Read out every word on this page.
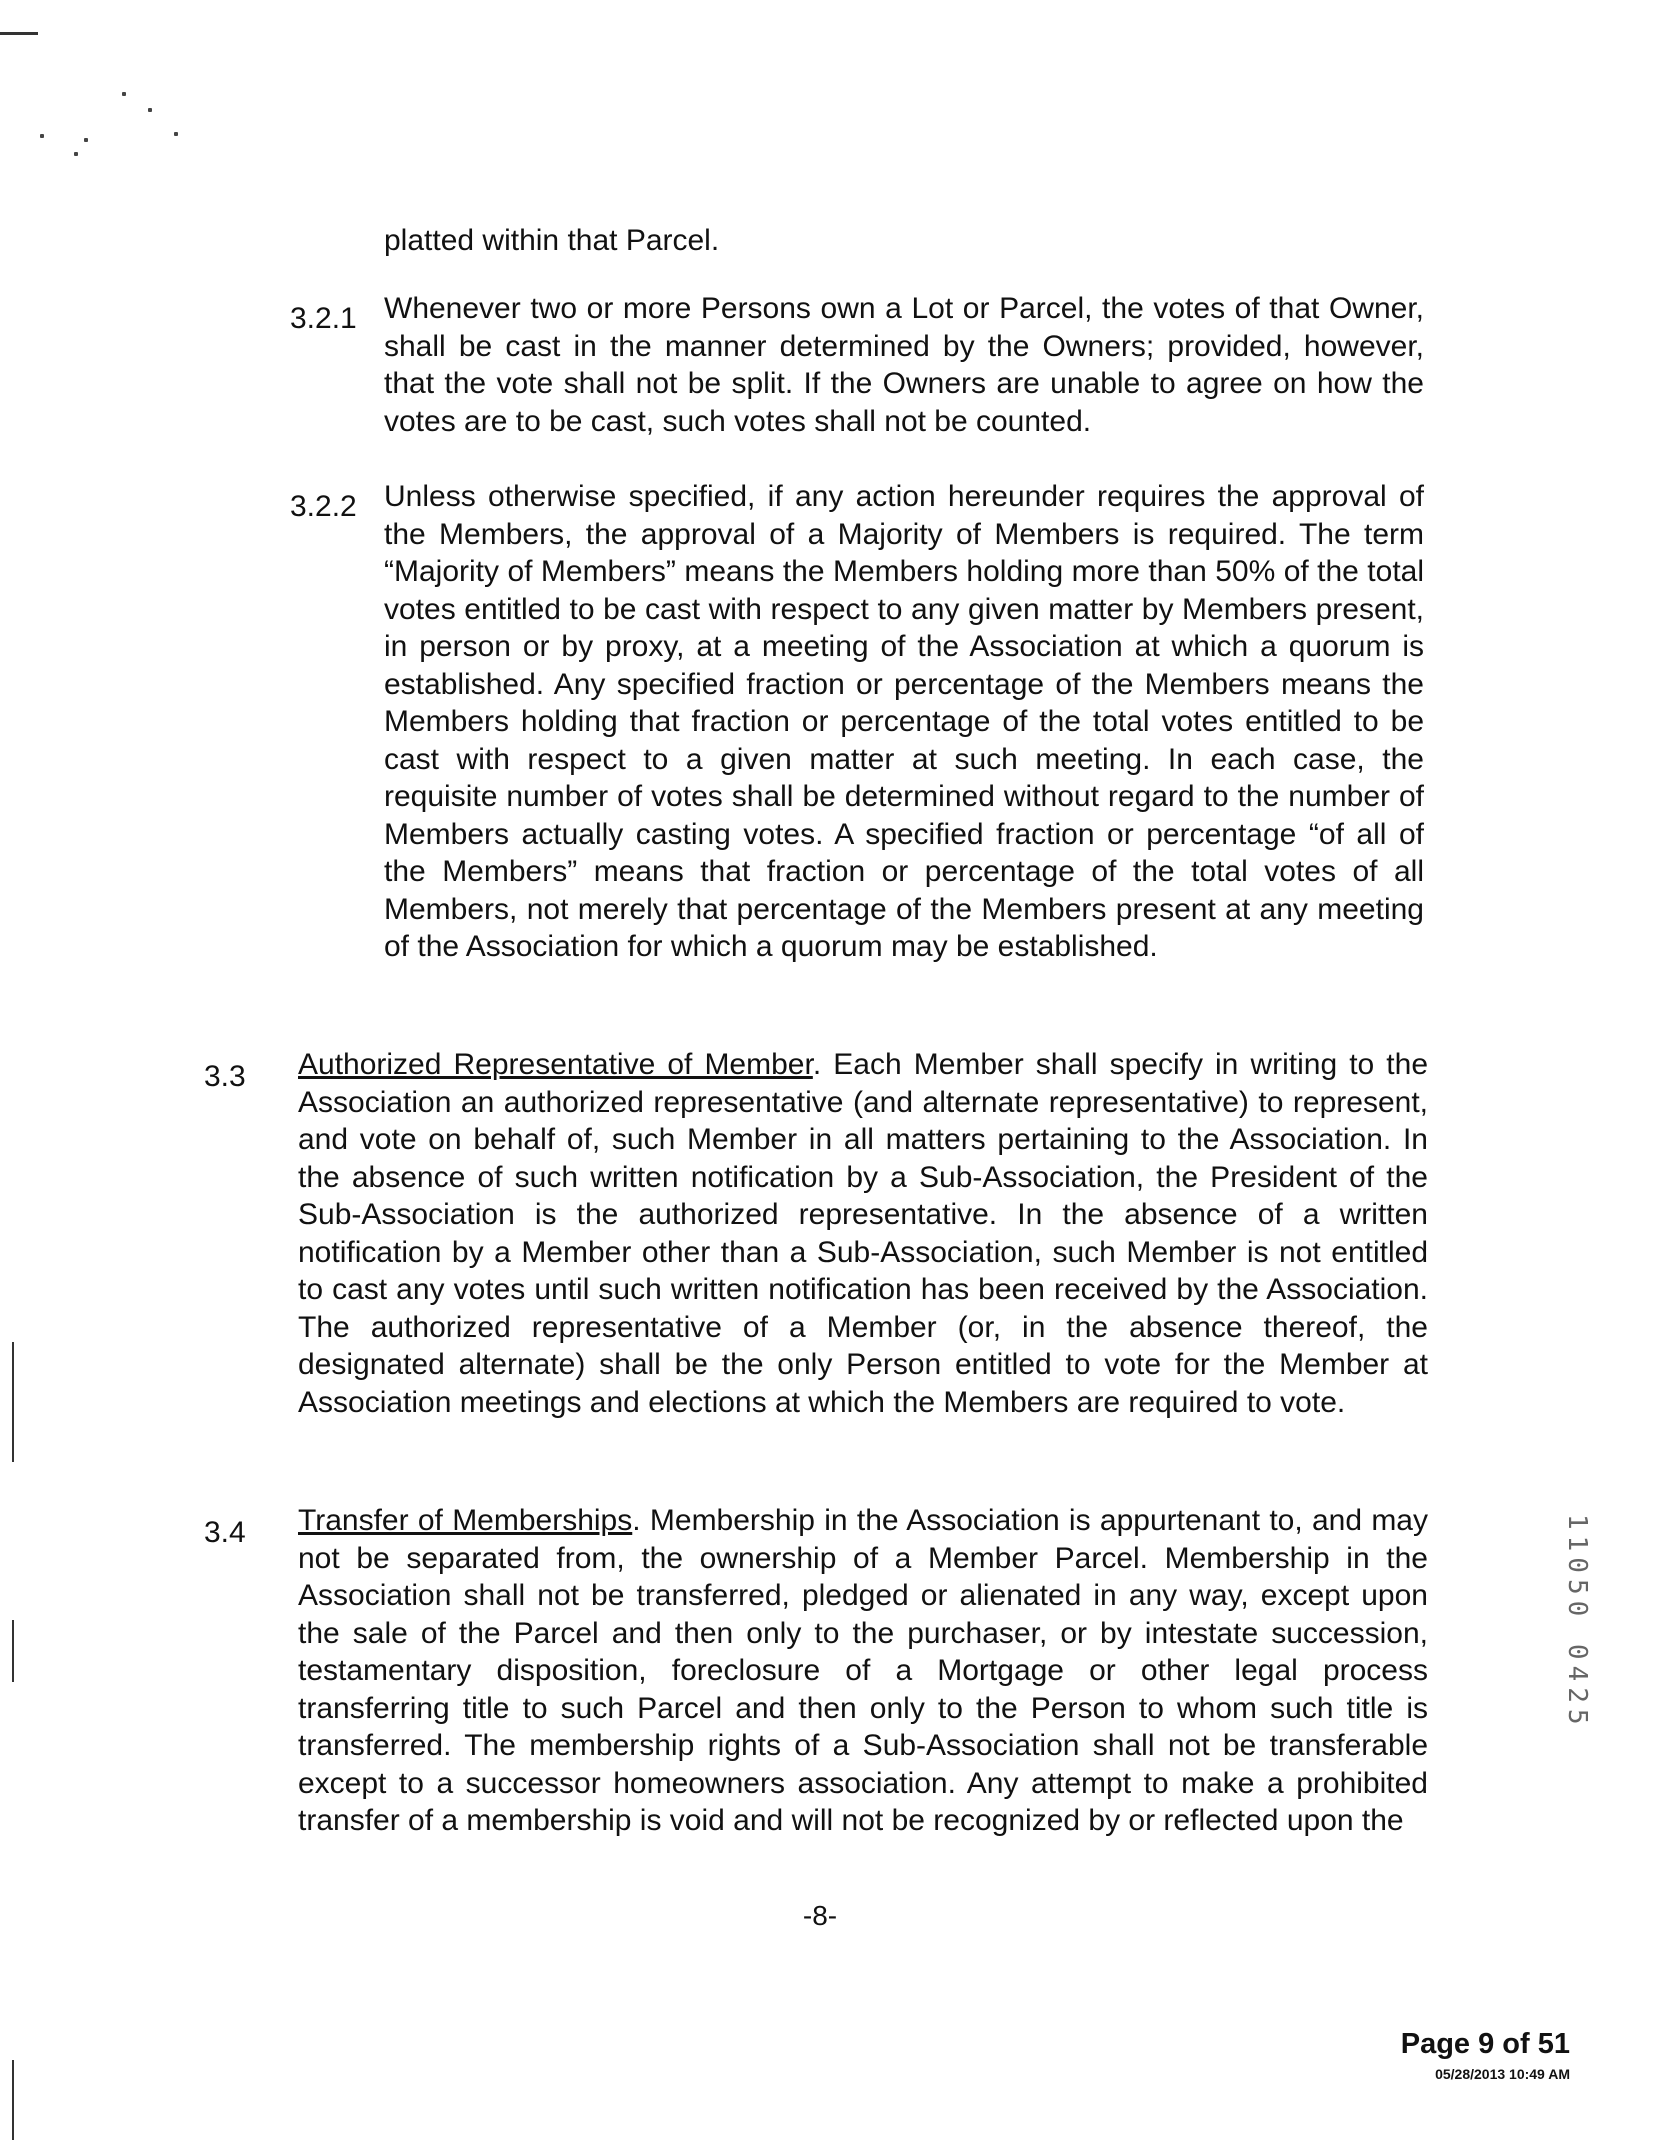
platted within that Parcel.
3.2.1 Whenever two or more Persons own a Lot or Parcel, the votes of that Owner, shall be cast in the manner determined by the Owners; provided, however, that the vote shall not be split. If the Owners are unable to agree on how the votes are to be cast, such votes shall not be counted.

3.2.2 Unless otherwise specified, if any action hereunder requires the approval of the Members, the approval of a Majority of Members is required. The term “Majority of Members” means the Members holding more than 50% of the total votes entitled to be cast with respect to any given matter by Members present, in person or by proxy, at a meeting of the Association at which a quorum is established. Any specified fraction or percentage of the Members means the Members holding that fraction or percentage of the total votes entitled to be cast with respect to a given matter at such meeting. In each case, the requisite number of votes shall be determined without regard to the number of Members actually casting votes. A specified fraction or percentage “of all of the Members” means that fraction or percentage of the total votes of all Members, not merely that percentage of the Members present at any meeting of the Association for which a quorum may be established.

3.3 Authorized Representative of Member. Each Member shall specify in writing to the Association an authorized representative (and alternate representative) to represent, and vote on behalf of, such Member in all matters pertaining to the Association. In the absence of such written notification by a Sub-Association, the President of the Sub-Association is the authorized representative. In the absence of a written notification by a Member other than a Sub-Association, such Member is not entitled to cast any votes until such written notification has been received by the Association. The authorized representative of a Member (or, in the absence thereof, the designated alternate) shall be the only Person entitled to vote for the Member at Association meetings and elections at which the Members are required to vote.

3.4 Transfer of Memberships. Membership in the Association is appurtenant to, and may not be separated from, the ownership of a Member Parcel. Membership in the Association shall not be transferred, pledged or alienated in any way, except upon the sale of the Parcel and then only to the purchaser, or by intestate succession, testamentary disposition, foreclosure of a Mortgage or other legal process transferring title to such Parcel and then only to the Person to whom such title is transferred. The membership rights of a Sub-Association shall not be transferable except to a successor homeowners association. Any attempt to make a prohibited transfer of a membership is void and will not be recognized by or reflected upon the

11050 0425
-8-
Page 9 of 51
05/28/2013 10:49 AM
